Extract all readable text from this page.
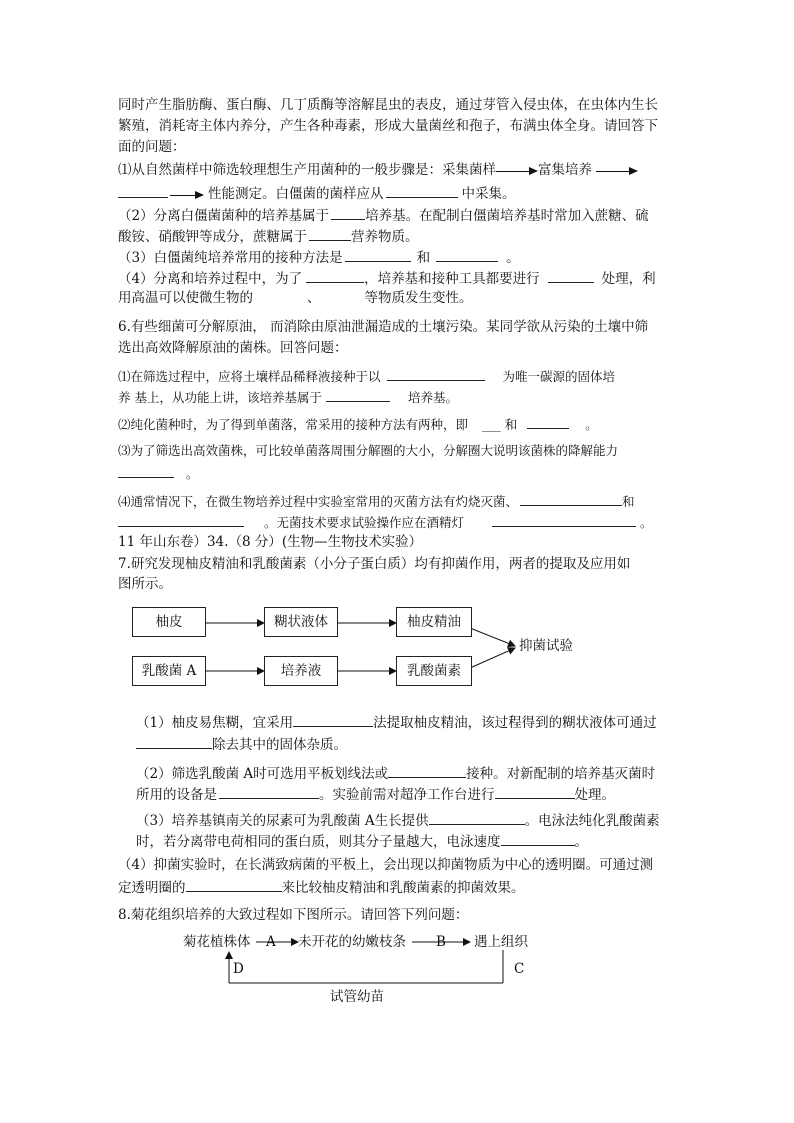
同时产生脂肪酶、蛋白酶、几丁质酶等溶解昆虫的表皮，通过芽管入侵虫体，在虫体内生长
繁殖，消耗寄主体内养分，产生各种毒素，形成大量菌丝和孢子，布满虫体全身。请回答下
面的问题：
⑴从自然菌样中筛选较理想生产用菌种的一般步骤是：采集菌样	富集培养
性能测定。白僵菌的菌样应从	中采集。
（2）分离白僵菌菌种的培养基属于	培养基。在配制白僵菌培养基时常加入蔗糖、硫
酸铵、硝酸钾等成分，蔗糖属于	营养物质。
（3）白僵菌纯培养常用的接种方法是	和	。
（4）分离和培养过程中，为了	，培养基和接种工具都要进行	处理，利
用高温可以使微生物的	、	等物质发生变性。
6.有些细菌可分解原油， 而消除由原油泄漏造成的土壤污染。某同学欲从污染的土壤中筛
选出高效降解原油的菌株。回答问题：
⑴在筛选过程中，应将土壤样品稀释液接种于以	为唯一碳源的固体培
养 基上，从功能上讲，该培养基属于	培养基。
⑵纯化菌种时，为了得到单菌落，常采用的接种方法有两种，即 ___ 和	。
⑶为了筛选出高效菌株，可比较单菌落周围分解圈的大小，分解圈大说明该菌株的降解能力
。
⑷通常情况下，在微生物培养过程中实验室常用的灭菌方法有灼烧灭菌、	和
。无菌技术要求试验操作应在酒精灯	。
11 年山东卷）34.（8 分）(生物—生物技术实验）
7.研究发现柚皮精油和乳酸菌素（小分子蛋白质）均有抑菌作用，两者的提取及应用如
图所示。
柚皮	糊状液体	柚皮精油
乳酸菌 A	培养液	乳酸菌素
抑菌试验
（1）柚皮易焦糊，宜采用	法提取柚皮精油，该过程得到的糊状液体可通过
除去其中的固体杂质。
（2）筛选乳酸菌 A时可选用平板划线法或	接种。对新配制的培养基灭菌时
所用的设备是	。实验前需对超净工作台进行	处理。
（3）培养基镇南关的尿素可为乳酸菌 A生长提供	。电泳法纯化乳酸菌素
时，若分离带电荷相同的蛋白质，则其分子量越大，电泳速度	。
（4）抑菌实验时，在长满致病菌的平板上，会出现以抑菌物质为中心的透明圈。可通过测
定透明圈的	来比较柚皮精油和乳酸菌素的抑菌效果。
8.菊花组织培养的大致过程如下图所示。请回答下列问题：
菊花植株体 A 未开花的幼嫩枝条 B 遇上组织
C
D
试管幼苗
